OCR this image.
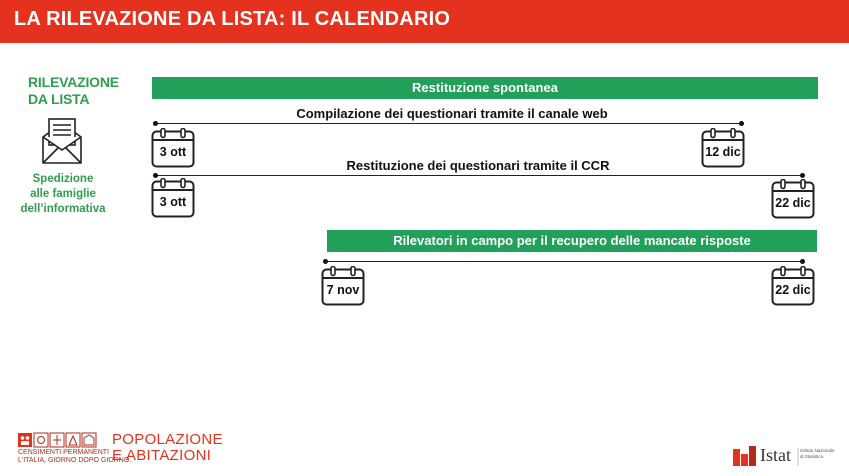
LA RILEVAZIONE DA LISTA: IL CALENDARIO
RILEVAZIONE
DA LISTA
Spedizione
alle famiglie
dell’informativa
Restituzione spontanea
Compilazione dei questionari tramite il canale web
3 ott	12 dic
Restituzione dei questionari tramite il CCR
3 ott	22 dic
Rilevatori in campo per il recupero delle mancate risposte
7 nov	22 dic
CENSIMENTI PERMANENTI
L'ITALIA, GIORNO DOPO GIORNO.
POPOLAZIONE
E ABITAZIONI	Istat Istituto Nazionale
di Statistica
